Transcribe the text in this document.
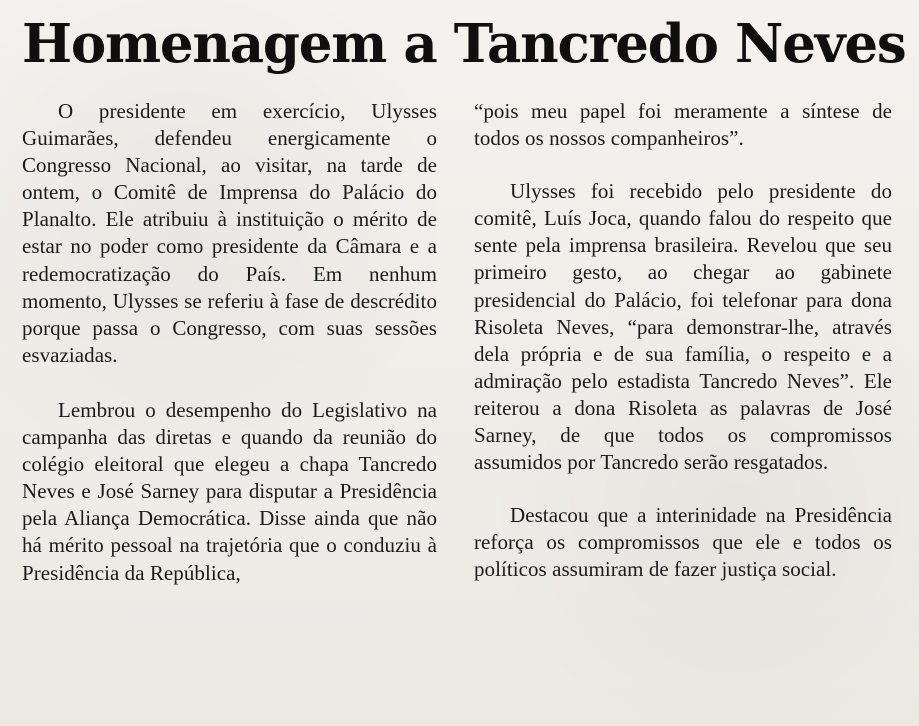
Homenagem a Tancredo Neves

O presidente em exercício, Ulysses Guimarães, defendeu energicamente o Congresso Nacional, ao visitar, na tarde de ontem, o Comitê de Imprensa do Palácio do Planalto. Ele atribuiu à instituição o mérito de estar no poder como presidente da Câmara e a redemocratização do País. Em nenhum momento, Ulysses se referiu à fase de descrédito porque passa o Congresso, com suas sessões esvaziadas.

Lembrou o desempenho do Legislativo na campanha das diretas e quando da reunião do colégio eleitoral que elegeu a chapa Tancredo Neves e José Sarney para disputar a Presidência pela Aliança Democrática. Disse ainda que não há mérito pessoal na trajetória que o conduziu à Presidência da República,

“pois meu papel foi meramente a síntese de todos os nossos companheiros”.

Ulysses foi recebido pelo presidente do comitê, Luís Joca, quando falou do respeito que sente pela imprensa brasileira. Revelou que seu primeiro gesto, ao chegar ao gabinete presidencial do Palácio, foi telefonar para dona Risoleta Neves, “para demonstrar-lhe, através dela própria e de sua família, o respeito e a admiração pelo estadista Tancredo Neves”. Ele reiterou a dona Risoleta as palavras de José Sarney, de que todos os compromissos assumidos por Tancredo serão resgatados.

Destacou que a interinidade na Presidência reforça os compromissos que ele e todos os políticos assumiram de fazer justiça social.
